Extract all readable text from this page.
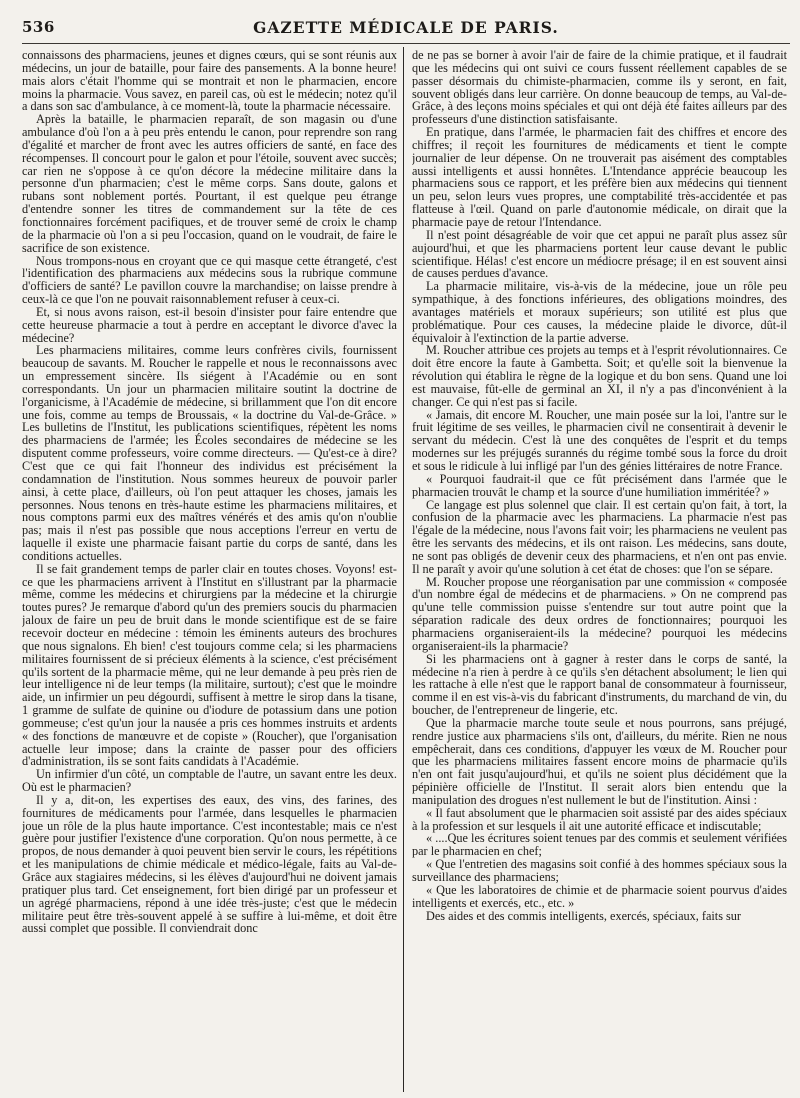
536	GAZETTE MÉDICALE DE PARIS.

connaissons des pharmaciens, jeunes et dignes cœurs, qui se sont réunis aux médecins, un jour de bataille, pour faire des pansements. A la bonne heure! mais alors c'était l'homme qui se montrait et non le pharmacien, encore moins la pharmacie. Vous savez, en pareil cas, où est le médecin; notez qu'il a dans son sac d'ambulance, à ce moment-là, toute la pharmacie nécessaire.

Après la bataille, le pharmacien reparaît, de son magasin ou d'une ambulance d'où l'on a à peu près entendu le canon, pour reprendre son rang d'égalité et marcher de front avec les autres officiers de santé, en face des récompenses. Il concourt pour le galon et pour l'étoile, souvent avec succès; car rien ne s'oppose à ce qu'on décore la médecine militaire dans la personne d'un pharmacien; c'est le même corps. Sans doute, galons et rubans sont noblement portés. Pourtant, il est quelque peu étrange d'entendre sonner les titres de commandement sur la tête de ces fonctionnaires forcément pacifiques, et de trouver semé de croix le champ de la pharmacie où l'on a si peu l'occasion, quand on le voudrait, de faire le sacrifice de son existence.

Nous trompons-nous en croyant que ce qui masque cette étrangeté, c'est l'identification des pharmaciens aux médecins sous la rubrique commune d'officiers de santé? Le pavillon couvre la marchandise; on laisse prendre à ceux-là ce que l'on ne pouvait raisonnablement refuser à ceux-ci.

Et, si nous avons raison, est-il besoin d'insister pour faire entendre que cette heureuse pharmacie a tout à perdre en acceptant le divorce d'avec la médecine?

Les pharmaciens militaires, comme leurs confrères civils, fournissent beaucoup de savants. M. Roucher le rappelle et nous le reconnaissons avec un empressement sincère. Ils siégent à l'Académie ou en sont correspondants. Un jour un pharmacien militaire soutint la doctrine de l'organicisme, à l'Académie de médecine, si brillamment que l'on dit encore une fois, comme au temps de Broussais, « la doctrine du Val-de-Grâce. » Les bulletins de l'Institut, les publications scientifiques, répètent les noms des pharmaciens de l'armée; les Écoles secondaires de médecine se les disputent comme professeurs, voire comme directeurs. — Qu'est-ce à dire? C'est que ce qui fait l'honneur des individus est précisément la condamnation de l'institution. Nous sommes heureux de pouvoir parler ainsi, à cette place, d'ailleurs, où l'on peut attaquer les choses, jamais les personnes. Nous tenons en très-haute estime les pharmaciens militaires, et nous comptons parmi eux des maîtres vénérés et des amis qu'on n'oublie pas; mais il n'est pas possible que nous acceptions l'erreur en vertu de laquelle il existe une pharmacie faisant partie du corps de santé, dans les conditions actuelles.

Il se fait grandement temps de parler clair en toutes choses. Voyons! est-ce que les pharmaciens arrivent à l'Institut en s'illustrant par la pharmacie même, comme les médecins et chirurgiens par la médecine et la chirurgie toutes pures? Je remarque d'abord qu'un des premiers soucis du pharmacien jaloux de faire un peu de bruit dans le monde scientifique est de se faire recevoir docteur en médecine : témoin les éminents auteurs des brochures que nous signalons. Eh bien! c'est toujours comme cela; si les pharmaciens militaires fournissent de si précieux éléments à la science, c'est précisément qu'ils sortent de la pharmacie même, qui ne leur demande à peu près rien de leur intelligence ni de leur temps (la militaire, surtout); c'est que le moindre aide, un infirmier un peu dégourdi, suffisent à mettre le sirop dans la tisane, 1 gramme de sulfate de quinine ou d'iodure de potassium dans une potion gommeuse; c'est qu'un jour la nausée a pris ces hommes instruits et ardents « des fonctions de manœuvre et de copiste » (Roucher), que l'organisation actuelle leur impose; dans la crainte de passer pour des officiers d'administration, ils se sont faits candidats à l'Académie.

Un infirmier d'un côté, un comptable de l'autre, un savant entre les deux. Où est le pharmacien?

Il y a, dit-on, les expertises des eaux, des vins, des farines, des fournitures de médicaments pour l'armée, dans lesquelles le pharmacien joue un rôle de la plus haute importance. C'est incontestable; mais ce n'est guère pour justifier l'existence d'une corporation. Qu'on nous permette, à ce propos, de nous demander à quoi peuvent bien servir le cours, les répétitions et les manipulations de chimie médicale et médico-légale, faits au Val-de-Grâce aux stagiaires médecins, si les élèves d'aujourd'hui ne doivent jamais pratiquer plus tard. Cet enseignement, fort bien dirigé par un professeur et un agrégé pharmaciens, répond à une idée très-juste; c'est que le médecin militaire peut être très-souvent appelé à se suffire à lui-même, et doit être aussi complet que possible. Il conviendrait donc

de ne pas se borner à avoir l'air de faire de la chimie pratique, et il faudrait que les médecins qui ont suivi ce cours fussent réellement capables de se passer désormais du chimiste-pharmacien, comme ils y seront, en fait, souvent obligés dans leur carrière. On donne beaucoup de temps, au Val-de-Grâce, à des leçons moins spéciales et qui ont déjà été faites ailleurs par des professeurs d'une distinction satisfaisante.

En pratique, dans l'armée, le pharmacien fait des chiffres et encore des chiffres; il reçoit les fournitures de médicaments et tient le compte journalier de leur dépense. On ne trouverait pas aisément des comptables aussi intelligents et aussi honnêtes. L'Intendance apprécie beaucoup les pharmaciens sous ce rapport, et les préfère bien aux médecins qui tiennent un peu, selon leurs vues propres, une comptabilité très-accidentée et pas flatteuse à l'œil. Quand on parle d'autonomie médicale, on dirait que la pharmacie paye de retour l'Intendance.

Il n'est point désagréable de voir que cet appui ne paraît plus assez sûr aujourd'hui, et que les pharmaciens portent leur cause devant le public scientifique. Hélas! c'est encore un médiocre présage; il en est souvent ainsi de causes perdues d'avance.

La pharmacie militaire, vis-à-vis de la médecine, joue un rôle peu sympathique, à des fonctions inférieures, des obligations moindres, des avantages matériels et moraux supérieurs; son utilité est plus que problématique. Pour ces causes, la médecine plaide le divorce, dût-il équivaloir à l'extinction de la partie adverse.

M. Roucher attribue ces projets au temps et à l'esprit révolutionnaires. Ce doit être encore la faute à Gambetta. Soit; et qu'elle soit la bienvenue la révolution qui établira le règne de la logique et du bon sens. Quand une loi est mauvaise, fût-elle de germinal an XI, il n'y a pas d'inconvénient à la changer. Ce qui n'est pas si facile.

« Jamais, dit encore M. Roucher, une main posée sur la loi, l'antre sur le fruit légitime de ses veilles, le pharmacien civil ne consentirait à devenir le servant du médecin. C'est là une des conquêtes de l'esprit et du temps modernes sur les préjugés surannés du régime tombé sous la force du droit et sous le ridicule à lui infligé par l'un des génies littéraires de notre France.

« Pourquoi faudrait-il que ce fût précisément dans l'armée que le pharmacien trouvât le champ et la source d'une humiliation imméritée? »

Ce langage est plus solennel que clair. Il est certain qu'on fait, à tort, la confusion de la pharmacie avec les pharmaciens. La pharmacie n'est pas l'égale de la médecine, nous l'avons fait voir; les pharmaciens ne veulent pas être les servants des médecins, et ils ont raison. Les médecins, sans doute, ne sont pas obligés de devenir ceux des pharmaciens, et n'en ont pas envie. Il ne paraît y avoir qu'une solution à cet état de choses: que l'on se sépare.

M. Roucher propose une réorganisation par une commission « composée d'un nombre égal de médecins et de pharmaciens. » On ne comprend pas qu'une telle commission puisse s'entendre sur tout autre point que la séparation radicale des deux ordres de fonctionnaires; pourquoi les pharmaciens organiseraient-ils la médecine? pourquoi les médecins organiseraient-ils la pharmacie?

Si les pharmaciens ont à gagner à rester dans le corps de santé, la médecine n'a rien à perdre à ce qu'ils s'en détachent absolument; le lien qui les rattache à elle n'est que le rapport banal de consommateur à fournisseur, comme il en est vis-à-vis du fabricant d'instruments, du marchand de vin, du boucher, de l'entrepreneur de lingerie, etc.

Que la pharmacie marche toute seule et nous pourrons, sans préjugé, rendre justice aux pharmaciens s'ils ont, d'ailleurs, du mérite. Rien ne nous empêcherait, dans ces conditions, d'appuyer les vœux de M. Roucher pour que les pharmaciens militaires fassent encore moins de pharmacie qu'ils n'en ont fait jusqu'aujourd'hui, et qu'ils ne soient plus décidément que la pépinière officielle de l'Institut. Il serait alors bien entendu que la manipulation des drogues n'est nullement le but de l'institution. Ainsi :

« Il faut absolument que le pharmacien soit assisté par des aides spéciaux à la profession et sur lesquels il ait une autorité efficace et indiscutable;

« ....Que les écritures soient tenues par des commis et seulement vérifiées par le pharmacien en chef;

« Que l'entretien des magasins soit confié à des hommes spéciaux sous la surveillance des pharmaciens;

« Que les laboratoires de chimie et de pharmacie soient pourvus d'aides intelligents et exercés, etc., etc. »

Des aides et des commis intelligents, exercés, spéciaux, faits sur
